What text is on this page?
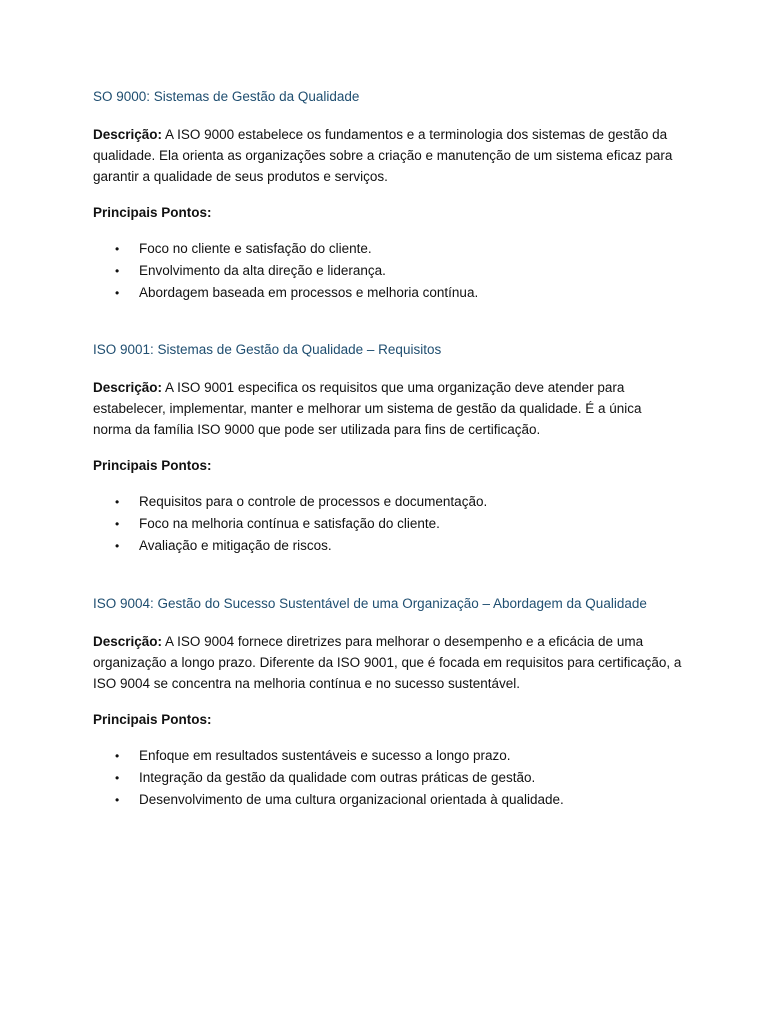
SO 9000: Sistemas de Gestão da Qualidade

Descrição: A ISO 9000 estabelece os fundamentos e a terminologia dos sistemas de gestão da qualidade. Ela orienta as organizações sobre a criação e manutenção de um sistema eficaz para garantir a qualidade de seus produtos e serviços.

Principais Pontos:

• Foco no cliente e satisfação do cliente.
• Envolvimento da alta direção e liderança.
• Abordagem baseada em processos e melhoria contínua.

ISO 9001: Sistemas de Gestão da Qualidade – Requisitos

Descrição: A ISO 9001 especifica os requisitos que uma organização deve atender para estabelecer, implementar, manter e melhorar um sistema de gestão da qualidade. É a única norma da família ISO 9000 que pode ser utilizada para fins de certificação.

Principais Pontos:

• Requisitos para o controle de processos e documentação.
• Foco na melhoria contínua e satisfação do cliente.
• Avaliação e mitigação de riscos.

ISO 9004: Gestão do Sucesso Sustentável de uma Organização – Abordagem da Qualidade

Descrição: A ISO 9004 fornece diretrizes para melhorar o desempenho e a eficácia de uma organização a longo prazo. Diferente da ISO 9001, que é focada em requisitos para certificação, a ISO 9004 se concentra na melhoria contínua e no sucesso sustentável.

Principais Pontos:

• Enfoque em resultados sustentáveis e sucesso a longo prazo.
• Integração da gestão da qualidade com outras práticas de gestão.
• Desenvolvimento de uma cultura organizacional orientada à qualidade.
